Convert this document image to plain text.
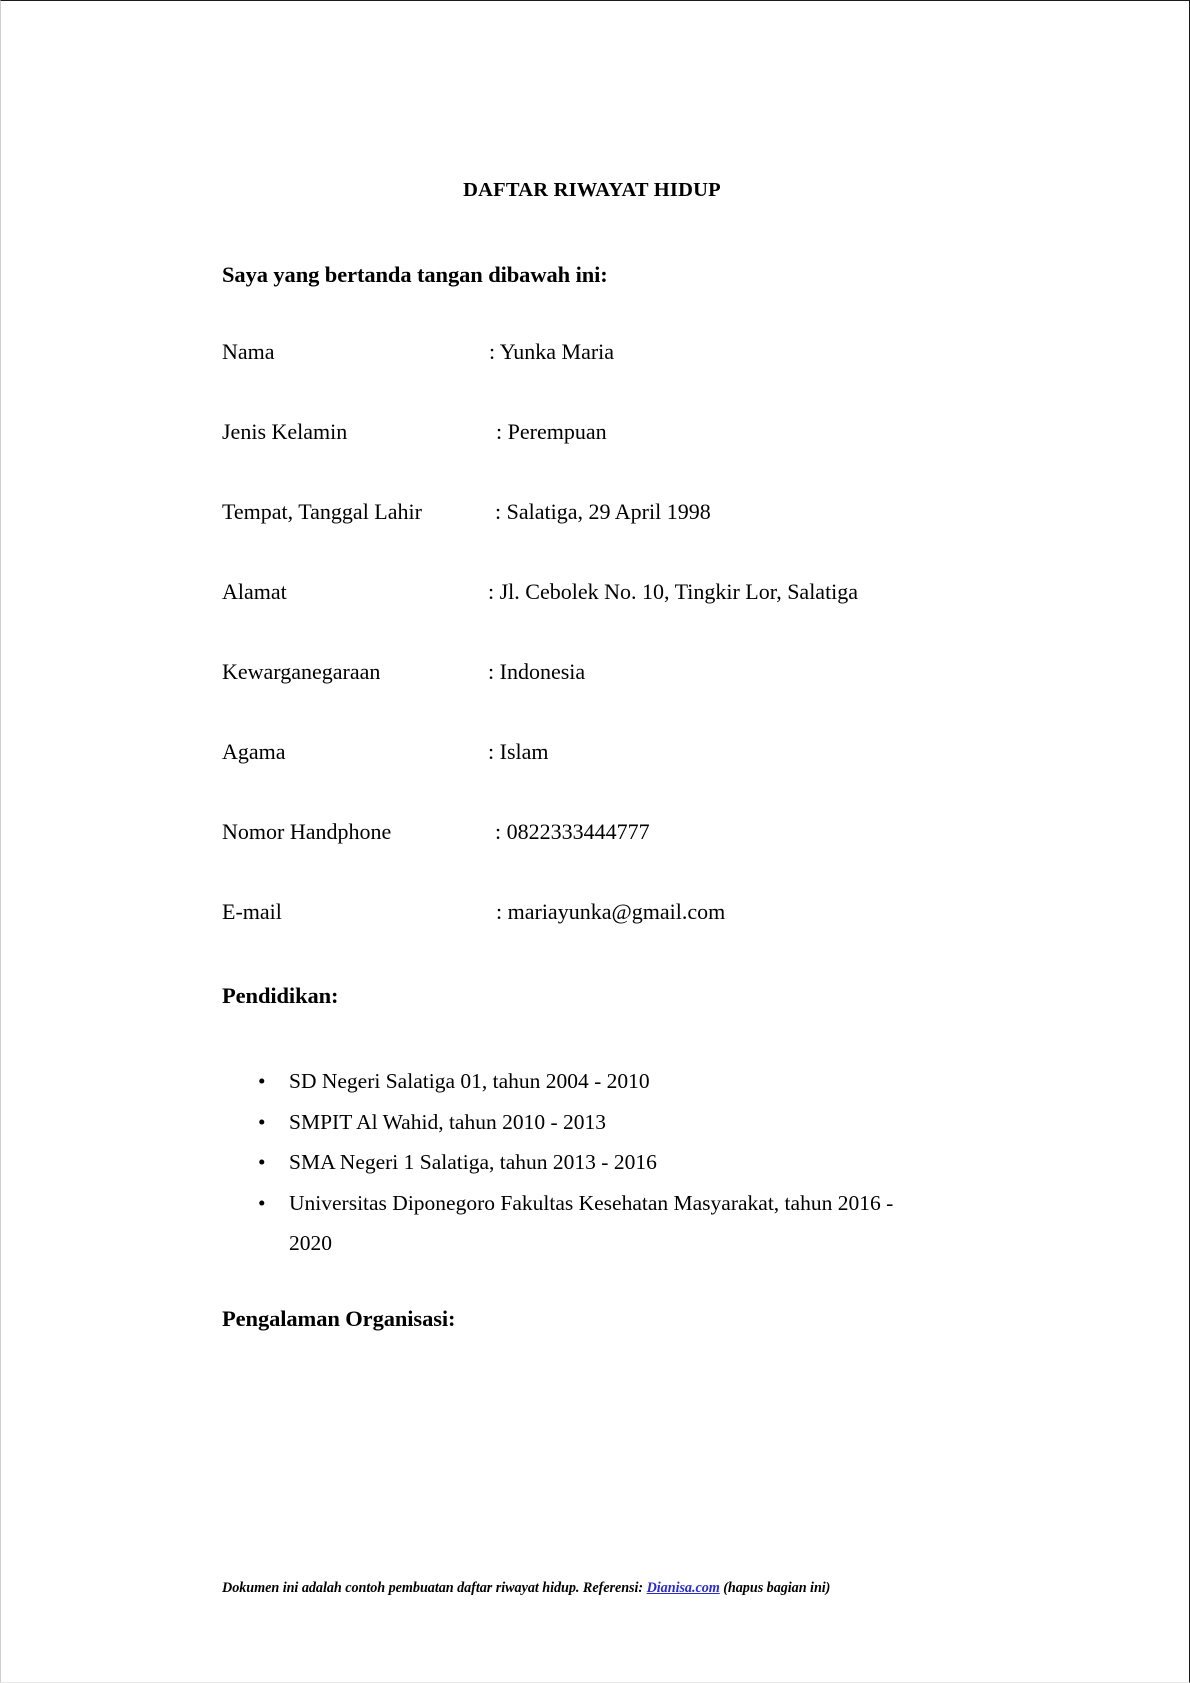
DAFTAR RIWAYAT HIDUP
Saya yang bertanda tangan dibawah ini:
Nama	: Yunka Maria
Jenis Kelamin	: Perempuan
Tempat, Tanggal Lahir	: Salatiga, 29 April 1998
Alamat	: Jl. Cebolek No. 10, Tingkir Lor, Salatiga
Kewarganegaraan	: Indonesia
Agama	: Islam
Nomor Handphone	: 0822333444777
E-mail	: mariayunka@gmail.com
Pendidikan:
• SD Negeri Salatiga 01, tahun 2004 - 2010
• SMPIT Al Wahid, tahun 2010 - 2013
• SMA Negeri 1 Salatiga, tahun 2013 - 2016
• Universitas Diponegoro Fakultas Kesehatan Masyarakat, tahun 2016 - 2020
Pengalaman Organisasi:
Dokumen ini adalah contoh pembuatan daftar riwayat hidup. Referensi: Dianisa.com (hapus bagian ini)
